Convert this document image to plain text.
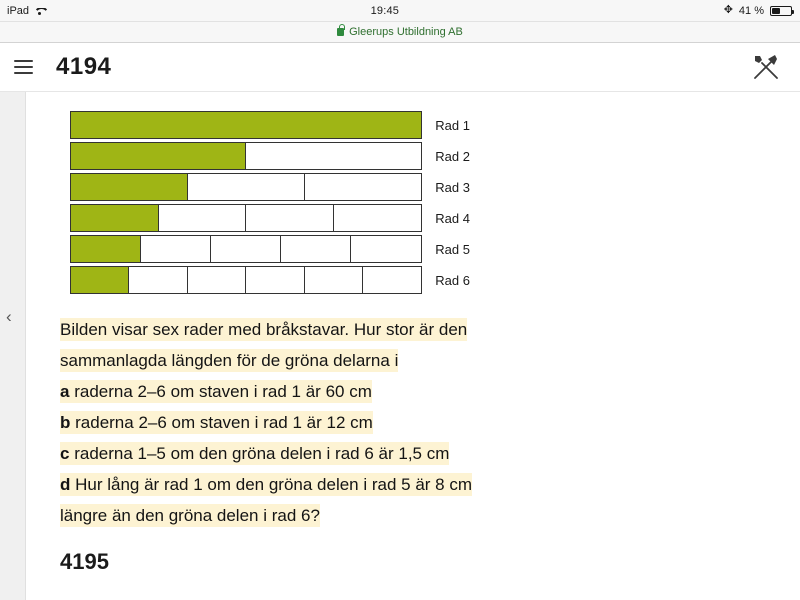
iPad	19:45	✥ 41 %
Gleerups Utbildning AB
4194
‹
Rad 1
Rad 2
Rad 3
Rad 4
Rad 5
Rad 6

Bilden visar sex rader med bråkstavar. Hur stor är den

sammanlagda längden för de gröna delarna i

a raderna 2–6 om staven i rad 1 är 60 cm

b raderna 2–6 om staven i rad 1 är 12 cm

c raderna 1–5 om den gröna delen i rad 6 är 1,5 cm

d Hur lång är rad 1 om den gröna delen i rad 5 är 8 cm

längre än den gröna delen i rad 6?

4195
